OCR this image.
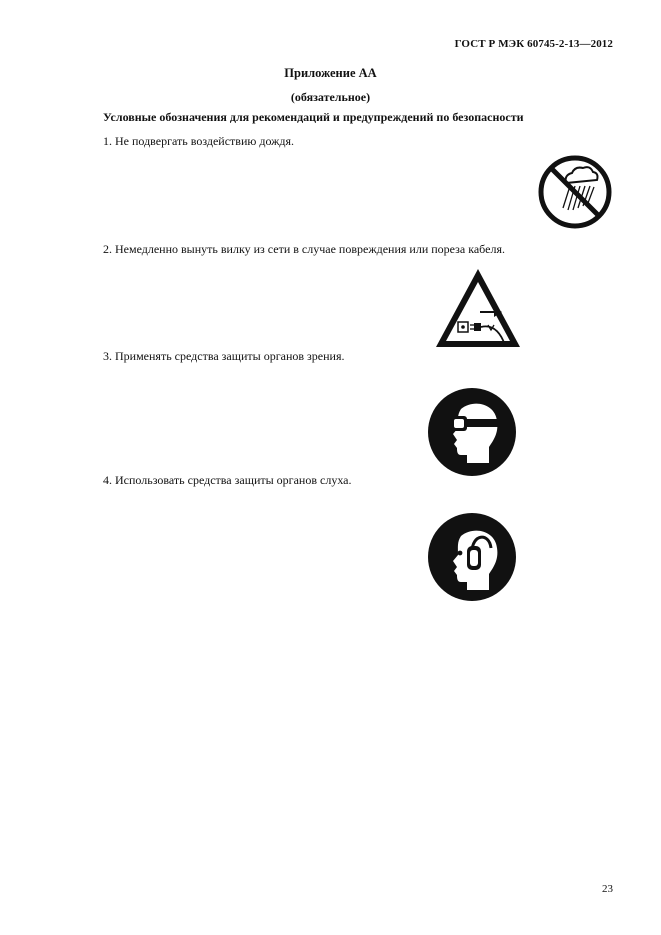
ГОСТ Р МЭК 60745-2-13—2012
Приложение АА
(обязательное)
Условные обозначения для рекомендаций и предупреждений по безопасности
1. Не подвергать воздействию дождя.
2. Немедленно вынуть вилку из сети в случае повреждения или пореза кабеля.
3. Применять средства защиты органов зрения.
4. Использовать средства защиты органов слуха.
23
